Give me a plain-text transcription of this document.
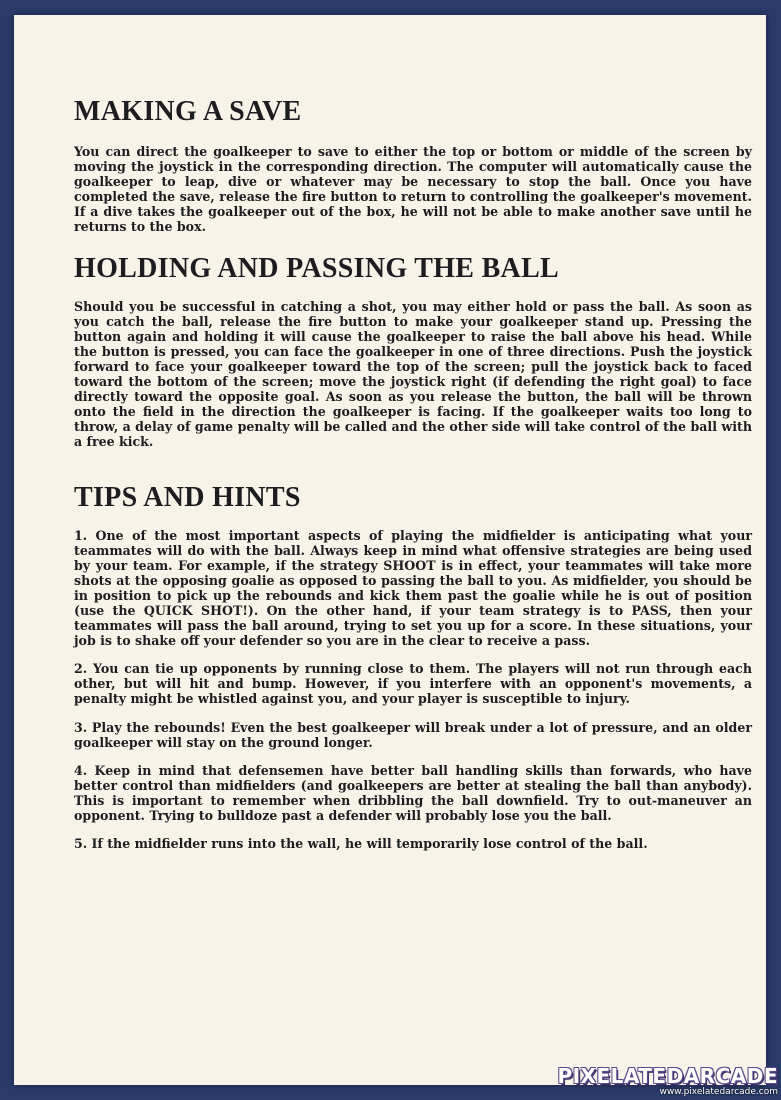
MAKING A SAVE

You can direct the goalkeeper to save to either the top or bottom or middle of the screen by moving the joystick in the corresponding direction. The computer will automatically cause the goalkeeper to leap, dive or whatever may be necessary to stop the ball. Once you have completed the save, release the fire button to return to controlling the goalkeeper's movement. If a dive takes the goalkeeper out of the box, he will not be able to make another save until he returns to the box.

HOLDING AND PASSING THE BALL

Should you be successful in catching a shot, you may either hold or pass the ball. As soon as you catch the ball, release the fire button to make your goalkeeper stand up. Pressing the button again and holding it will cause the goalkeeper to raise the ball above his head. While the button is pressed, you can face the goalkeeper in one of three directions. Push the joystick forward to face your goalkeeper toward the top of the screen; pull the joystick back to faced toward the bottom of the screen; move the joystick right (if defending the right goal) to face directly toward the opposite goal. As soon as you release the button, the ball will be thrown onto the field in the direction the goalkeeper is facing. If the goalkeeper waits too long to throw, a delay of game penalty will be called and the other side will take control of the ball with a free kick.

TIPS AND HINTS

1. One of the most important aspects of playing the midfielder is anticipating what your teammates will do with the ball. Always keep in mind what offensive strategies are being used by your team. For example, if the strategy SHOOT is in effect, your teammates will take more shots at the opposing goalie as opposed to passing the ball to you. As midfielder, you should be in position to pick up the rebounds and kick them past the goalie while he is out of position (use the QUICK SHOT!). On the other hand, if your team strategy is to PASS, then your teammates will pass the ball around, trying to set you up for a score. In these situations, your job is to shake off your defender so you are in the clear to receive a pass.

2. You can tie up opponents by running close to them. The players will not run through each other, but will hit and bump. However, if you interfere with an opponent's movements, a penalty might be whistled against you, and your player is susceptible to injury.

3. Play the rebounds! Even the best goalkeeper will break under a lot of pressure, and an older goalkeeper will stay on the ground longer.

4. Keep in mind that defensemen have better ball handling skills than forwards, who have better control than midfielders (and goalkeepers are better at stealing the ball than anybody). This is important to remember when dribbling the ball downfield. Try to out-maneuver an opponent. Trying to bulldoze past a defender will probably lose you the ball.

5. If the midfielder runs into the wall, he will temporarily lose control of the ball.

PIXELATEDARCADE
www.pixelatedarcade.com
